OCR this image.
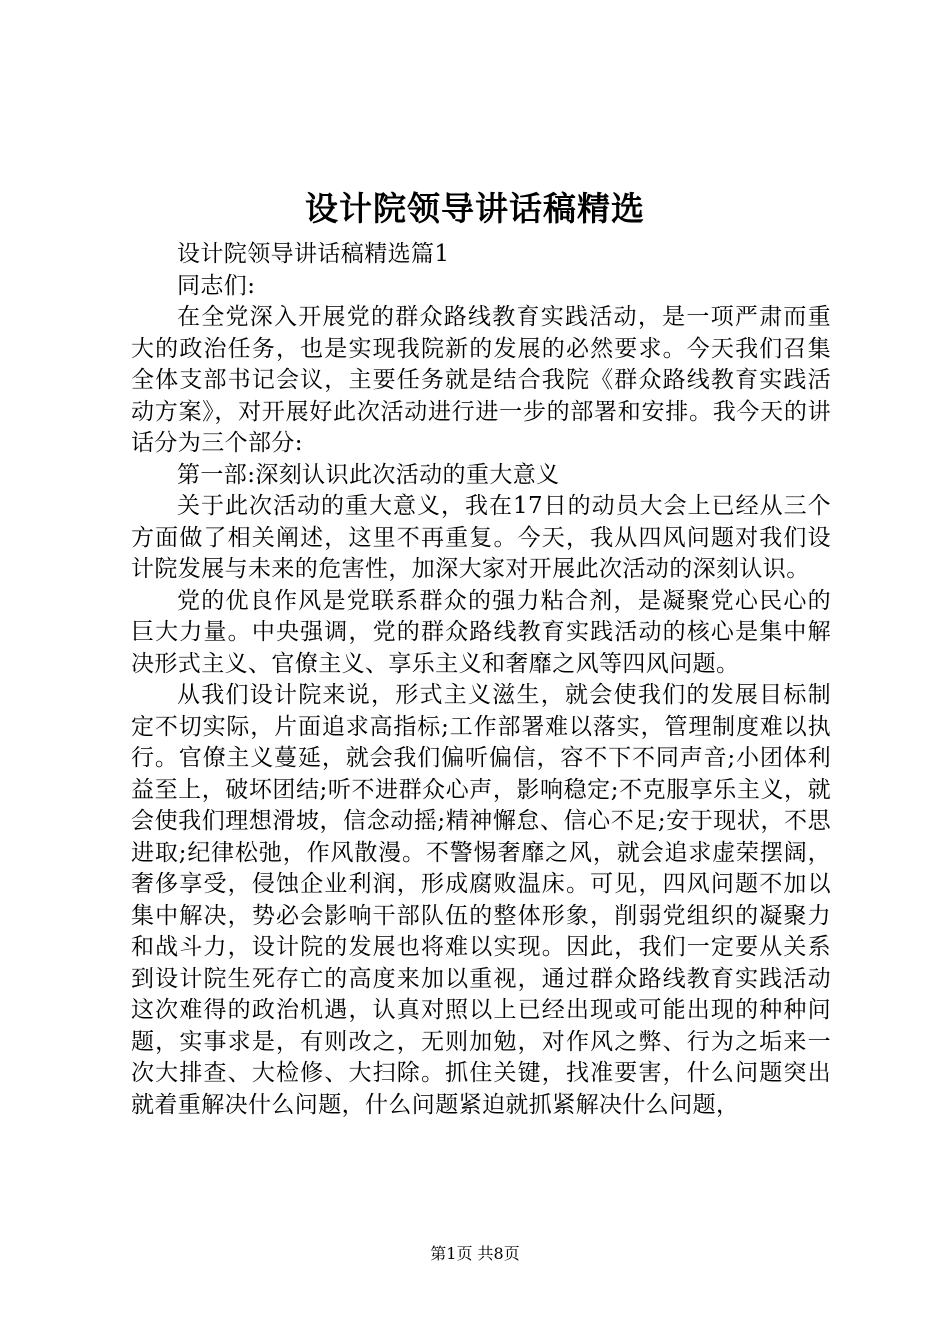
设计院领导讲话稿精选

设计院领导讲话稿精选篇1

同志们:

在全党深入开展党的群众路线教育实践活动，是一项严肃而重大的政治任务，也是实现我院新的发展的必然要求。今天我们召集全体支部书记会议，主要任务就是结合我院《群众路线教育实践活动方案》，对开展好此次活动进行进一步的部署和安排。我今天的讲话分为三个部分:

第一部:深刻认识此次活动的重大意义

关于此次活动的重大意义，我在17日的动员大会上已经从三个方面做了相关阐述，这里不再重复。今天，我从四风问题对我们设计院发展与未来的危害性，加深大家对开展此次活动的深刻认识。

党的优良作风是党联系群众的强力粘合剂，是凝聚党心民心的巨大力量。中央强调，党的群众路线教育实践活动的核心是集中解决形式主义、官僚主义、享乐主义和奢靡之风等四风问题。

从我们设计院来说，形式主义滋生，就会使我们的发展目标制定不切实际，片面追求高指标;工作部署难以落实，管理制度难以执行。官僚主义蔓延，就会我们偏听偏信，容不下不同声音;小团体利益至上，破坏团结;听不进群众心声，影响稳定;不克服享乐主义，就会使我们理想滑坡，信念动摇;精神懈怠、信心不足;安于现状，不思进取;纪律松弛，作风散漫。不警惕奢靡之风，就会追求虚荣摆阔，奢侈享受，侵蚀企业利润，形成腐败温床。可见，四风问题不加以集中解决，势必会影响干部队伍的整体形象，削弱党组织的凝聚力和战斗力，设计院的发展也将难以实现。因此，我们一定要从关系到设计院生死存亡的高度来加以重视，通过群众路线教育实践活动这次难得的政治机遇，认真对照以上已经出现或可能出现的种种问题，实事求是，有则改之，无则加勉，对作风之弊、行为之垢来一次大排查、大检修、大扫除。抓住关键，找准要害，什么问题突出就着重解决什么问题，什么问题紧迫就抓紧解决什么问题，

第1页 共8页
